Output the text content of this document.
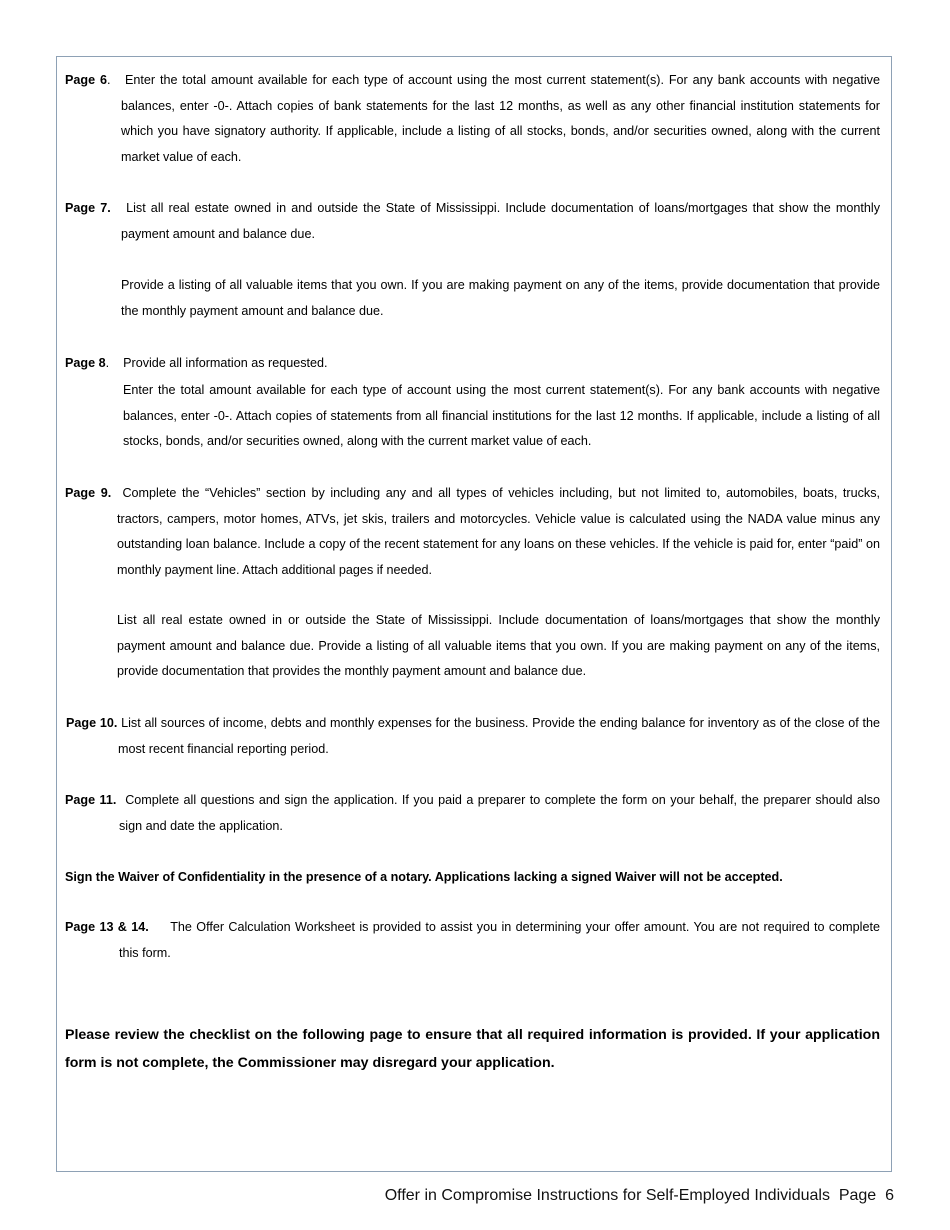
Page 6.   Enter the total amount available for each type of account using the most current statement(s). For any bank accounts with negative balances, enter -0-. Attach copies of bank statements for the last 12 months, as well as any other financial institution statements for which you have signatory authority. If applicable, include a listing of all stocks, bonds, and/or securities owned, along with the current market value of each.

Page 7. List all real estate owned in and outside the State of Mississippi. Include documentation of loans/mortgages that show the monthly payment amount and balance due.

Provide a listing of all valuable items that you own. If you are making payment on any of the items, provide documentation that provide the monthly payment amount and balance due.

Page 8.    Provide all information as requested.

Enter the total amount available for each type of account using the most current statement(s). For any bank accounts with negative balances, enter -0-. Attach copies of statements from all financial institutions for the last 12 months. If applicable, include a listing of all stocks, bonds, and/or securities owned, along with the current market value of each.

Page 9. Complete the “Vehicles” section by including any and all types of vehicles including, but not limited to, automobiles, boats, trucks, tractors, campers, motor homes, ATVs, jet skis, trailers and motorcycles. Vehicle value is calculated using the NADA value minus any outstanding loan balance. Include a copy of the recent statement for any loans on these vehicles. If the vehicle is paid for, enter “paid” on monthly payment line. Attach additional pages if needed.

List all real estate owned in or outside the State of Mississippi. Include documentation of loans/mortgages that show the monthly payment amount and balance due. Provide a listing of all valuable items that you own. If you are making payment on any of the items, provide documentation that provides the monthly payment amount and balance due.

Page 10. List all sources of income, debts and monthly expenses for the business. Provide the ending balance for inventory as of the close of the most recent financial reporting period.

Page 11. Complete all questions and sign the application. If you paid a preparer to complete the form on your behalf, the preparer should also sign and date the application.

Sign the Waiver of Confidentiality in the presence of a notary. Applications lacking a signed Waiver will not be accepted.

Page 13 & 14. The Offer Calculation Worksheet is provided to assist you in determining your offer amount. You are not required to complete this form.

Please review the checklist on the following page to ensure that all required information is provided. If your application form is not complete, the Commissioner may disregard your application.

Offer in Compromise Instructions for Self-Employed Individuals Page 6
